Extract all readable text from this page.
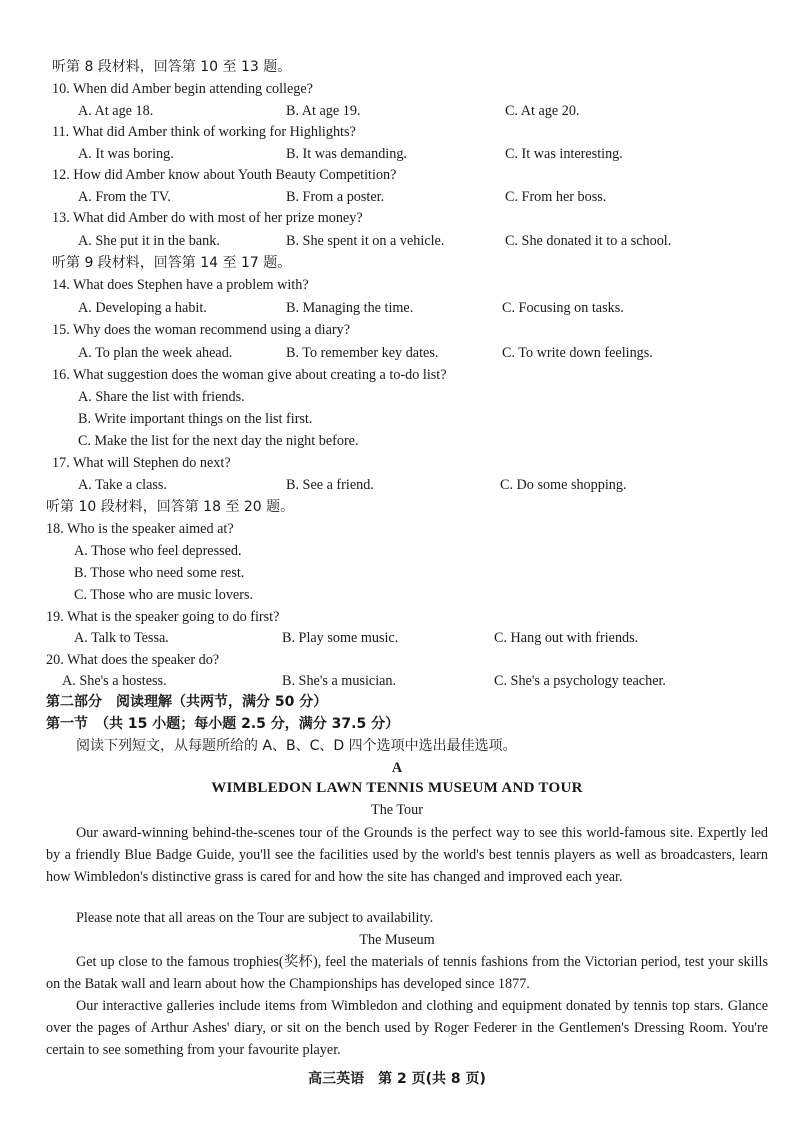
听第 8 段材料，回答第 10 至 13 题。
10. When did Amber begin attending college?
A. At age 18.	B. At age 19.	C. At age 20.
11. What did Amber think of working for Highlights?
A. It was boring.	B. It was demanding.	C. It was interesting.
12. How did Amber know about Youth Beauty Competition?
A. From the TV.	B. From a poster.	C. From her boss.
13. What did Amber do with most of her prize money?
A. She put it in the bank.	B. She spent it on a vehicle.	C. She donated it to a school.
听第 9 段材料，回答第 14 至 17 题。
14. What does Stephen have a problem with?
A. Developing a habit.	B. Managing the time.	C. Focusing on tasks.
15. Why does the woman recommend using a diary?
A. To plan the week ahead.	B. To remember key dates.	C. To write down feelings.
16. What suggestion does the woman give about creating a to-do list?
A. Share the list with friends.
B. Write important things on the list first.
C. Make the list for the next day the night before.
17. What will Stephen do next?
A. Take a class.	B. See a friend.	C. Do some shopping.
听第 10 段材料，回答第 18 至 20 题。
18. Who is the speaker aimed at?
A. Those who feel depressed.
B. Those who need some rest.
C. Those who are music lovers.
19. What is the speaker going to do first?
A. Talk to Tessa.	B. Play some music.	C. Hang out with friends.
20. What does the speaker do?
A. She's a hostess.	B. She's a musician.	C. She's a psychology teacher.
第二部分　阅读理解（共两节，满分 50 分）
第一节　（共 15 小题；每小题 2.5 分，满分 37.5 分）
阅读下列短文，从每题所给的 A、B、C、D 四个选项中选出最佳选项。
A
WIMBLEDON LAWN TENNIS MUSEUM AND TOUR
The Tour
Our award-winning behind-the-scenes tour of the Grounds is the perfect way to see this world-famous site. Expertly led by a friendly Blue Badge Guide, you'll see the facilities used by the world's best tennis players as well as broadcasters, learn how Wimbledon's distinctive grass is cared for and how the site has changed and improved each year.
Please note that all areas on the Tour are subject to availability.
The Museum
Get up close to the famous trophies(奖杯), feel the materials of tennis fashions from the Victorian period, test your skills on the Batak wall and learn about how the Championships has developed since 1877.
Our interactive galleries include items from Wimbledon and clothing and equipment donated by tennis top stars. Glance over the pages of Arthur Ashes' diary, or sit on the bench used by Roger Federer in the Gentlemen's Dressing Room. You're certain to see something from your favourite player.
高三英语　第 2 页(共 8 页)
